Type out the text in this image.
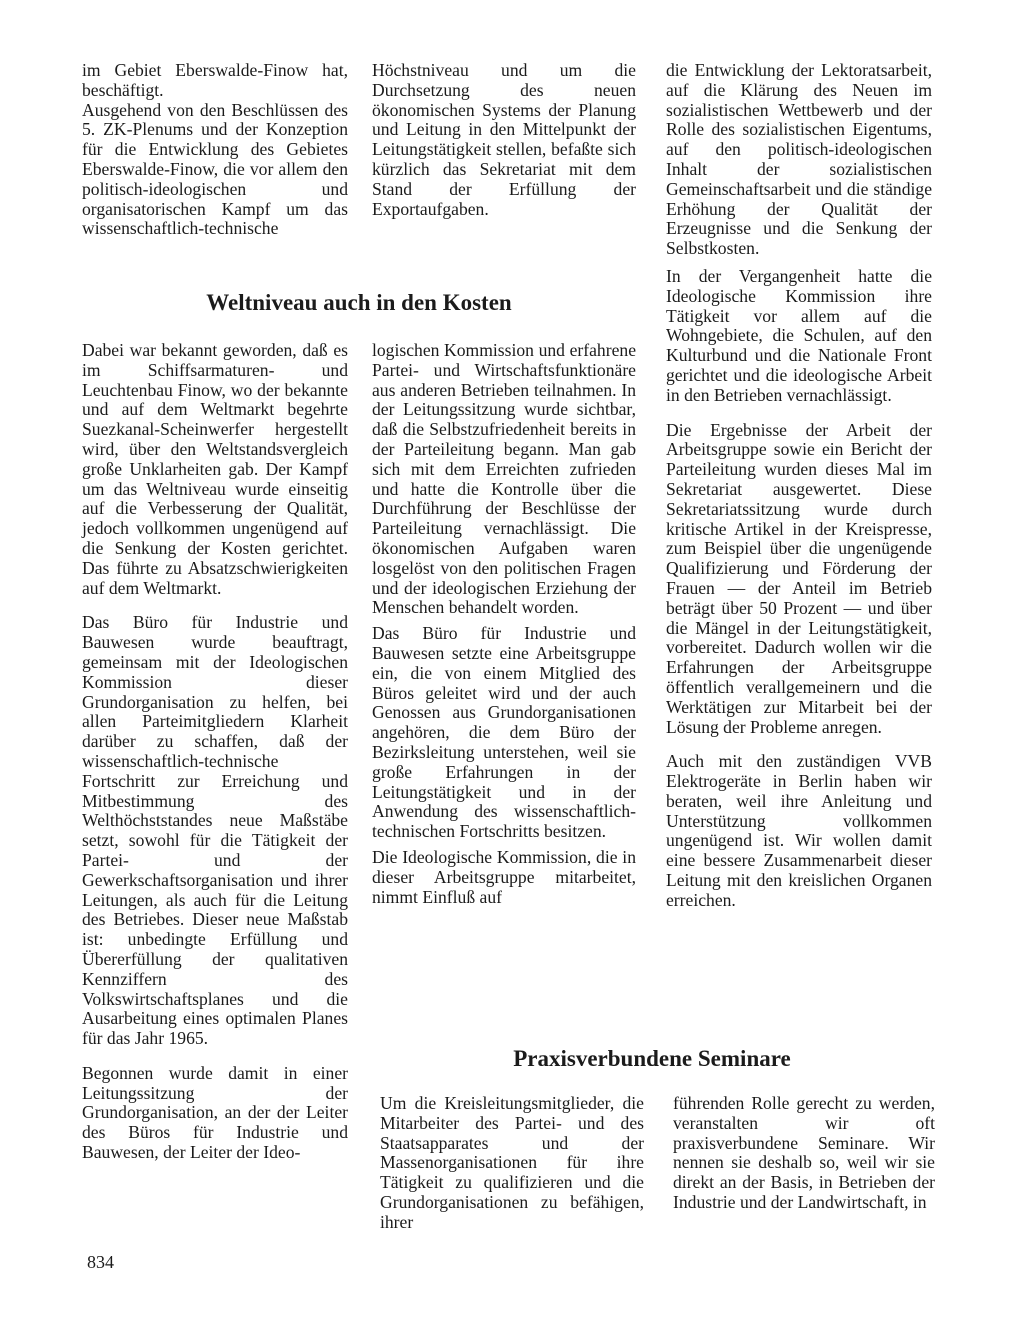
im Gebiet Eberswalde-Finow hat, beschäftigt.

Ausgehend von den Beschlüssen des 5. ZK-Plenums und der Konzeption für die Entwicklung des Gebietes Eberswalde-Finow, die vor allem den politisch-ideologischen und organisatorischen Kampf um das wissenschaftlich-technische

Höchstniveau und um die Durchsetzung des neuen ökonomischen Systems der Planung und Leitung in den Mittelpunkt der Leitungstätigkeit stellen, befaßte sich kürzlich das Sekretariat mit dem Stand der Erfüllung der Exportaufgaben.

Weltniveau auch in den Kosten

Dabei war bekannt geworden, daß es im Schiffsarmaturen- und Leuchtenbau Finow, wo der bekannte und auf dem Weltmarkt begehrte Suezkanal-Scheinwerfer hergestellt wird, über den Weltstandsvergleich große Unklarheiten gab. Der Kampf um das Weltniveau wurde einseitig auf die Verbesserung der Qualität, jedoch vollkommen ungenügend auf die Senkung der Kosten gerichtet. Das führte zu Absatzschwierigkeiten auf dem Weltmarkt.

Das Büro für Industrie und Bauwesen wurde beauftragt, gemeinsam mit der Ideologischen Kommission dieser Grundorganisation zu helfen, bei allen Parteimitgliedern Klarheit darüber zu schaffen, daß der wissenschaftlich-technische Fortschritt zur Erreichung und Mitbestimmung des Welthöchststandes neue Maßstäbe setzt, sowohl für die Tätigkeit der Partei- und der Gewerkschaftsorganisation und ihrer Leitungen, als auch für die Leitung des Betriebes. Dieser neue Maßstab ist: unbedingte Erfüllung und Übererfüllung der qualitativen Kennziffern des Volkswirtschaftsplanes und die Ausarbeitung eines optimalen Planes für das Jahr 1965.

Begonnen wurde damit in einer Leitungssitzung der Grundorganisation, an der der Leiter des Büros für Industrie und Bauwesen, der Leiter der Ideo-

logischen Kommission und erfahrene Partei- und Wirtschaftsfunktionäre aus anderen Betrieben teilnahmen. In der Leitungssitzung wurde sichtbar, daß die Selbstzufriedenheit bereits in der Parteileitung begann. Man gab sich mit dem Erreichten zufrieden und hatte die Kontrolle über die Durchführung der Beschlüsse der Parteileitung vernachlässigt. Die ökonomischen Aufgaben waren losgelöst von den politischen Fragen und der ideologischen Erziehung der Menschen behandelt worden.

Das Büro für Industrie und Bauwesen setzte eine Arbeitsgruppe ein, die von einem Mitglied des Büros geleitet wird und der auch Genossen aus Grundorganisationen angehören, die dem Büro der Bezirksleitung unterstehen, weil sie große Erfahrungen in der Leitungstätigkeit und in der Anwendung des wissenschaftlich-technischen Fortschritts besitzen.

Die Ideologische Kommission, die in dieser Arbeitsgruppe mitarbeitet, nimmt Einfluß auf

die Entwicklung der Lektoratsarbeit, auf die Klärung des Neuen im sozialistischen Wettbewerb und der Rolle des sozialistischen Eigentums, auf den politisch-ideologischen Inhalt der sozialistischen Gemeinschaftsarbeit und die ständige Erhöhung der Qualität der Erzeugnisse und die Senkung der Selbstkosten.

In der Vergangenheit hatte die Ideologische Kommission ihre Tätigkeit vor allem auf die Wohngebiete, die Schulen, auf den Kulturbund und die Nationale Front gerichtet und die ideologische Arbeit in den Betrieben vernachlässigt.

Die Ergebnisse der Arbeit der Arbeitsgruppe sowie ein Bericht der Parteileitung wurden dieses Mal im Sekretariat ausgewertet. Diese Sekretariatssitzung wurde durch kritische Artikel in der Kreispresse, zum Beispiel über die ungenügende Qualifizierung und Förderung der Frauen — der Anteil im Betrieb beträgt über 50 Prozent — und über die Mängel in der Leitungstätigkeit, vorbereitet. Dadurch wollen wir die Erfahrungen der Arbeitsgruppe öffentlich verallgemeinern und die Werktätigen zur Mitarbeit bei der Lösung der Probleme anregen.

Auch mit den zuständigen VVB Elektrogeräte in Berlin haben wir beraten, weil ihre Anleitung und Unterstützung vollkommen ungenügend ist. Wir wollen damit eine bessere Zusammenarbeit dieser Leitung mit den kreislichen Organen erreichen.

Praxisverbundene Seminare

Um die Kreisleitungsmitglieder, die Mitarbeiter des Partei- und des Staatsapparates und der Massenorganisationen für ihre Tätigkeit zu qualifizieren und die Grundorganisationen zu befähigen, ihrer

führenden Rolle gerecht zu werden, veranstalten wir oft praxisverbundene Seminare. Wir nennen sie deshalb so, weil wir sie direkt an der Basis, in Betrieben der Industrie und der Landwirtschaft, in

834
